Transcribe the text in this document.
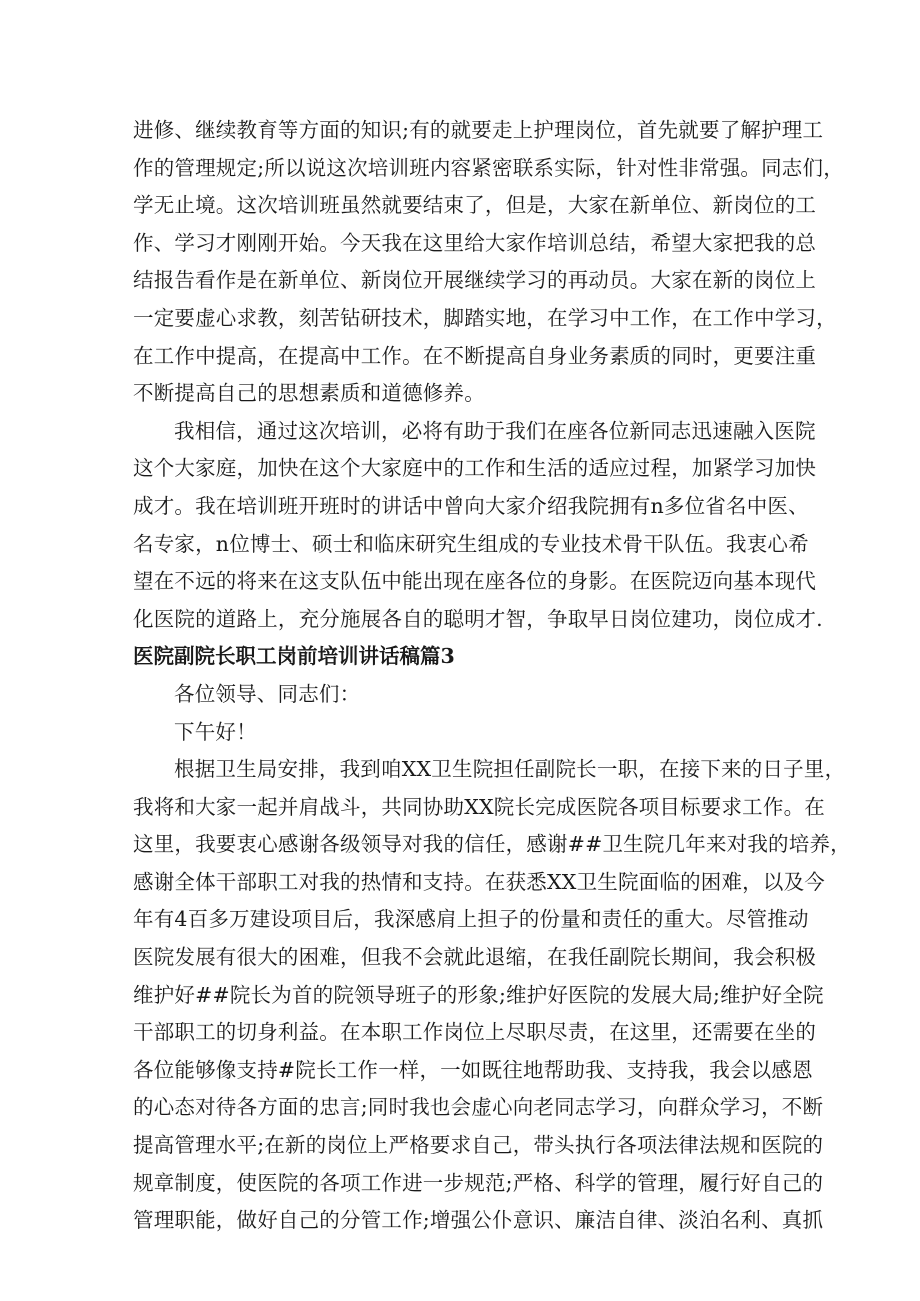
进修、继续教育等方面的知识;有的就要走上护理岗位，首先就要了解护理工
作的管理规定;所以说这次培训班内容紧密联系实际，针对性非常强。同志们，
学无止境。这次培训班虽然就要结束了，但是，大家在新单位、新岗位的工
作、学习才刚刚开始。今天我在这里给大家作培训总结，希望大家把我的总
结报告看作是在新单位、新岗位开展继续学习的再动员。大家在新的岗位上
一定要虚心求教，刻苦钻研技术，脚踏实地，在学习中工作，在工作中学习，
在工作中提高，在提高中工作。在不断提高自身业务素质的同时，更要注重
不断提高自己的思想素质和道德修养。
我相信，通过这次培训，必将有助于我们在座各位新同志迅速融入医院
这个大家庭，加快在这个大家庭中的工作和生活的适应过程，加紧学习加快
成才。我在培训班开班时的讲话中曾向大家介绍我院拥有n多位省名中医、
名专家，n位博士、硕士和临床研究生组成的专业技术骨干队伍。我衷心希
望在不远的将来在这支队伍中能出现在座各位的身影。在医院迈向基本现代
化医院的道路上，充分施展各自的聪明才智，争取早日岗位建功，岗位成才.
医院副院长职工岗前培训讲话稿篇3
各位领导、同志们：
下午好！
根据卫生局安排，我到咱XX卫生院担任副院长一职，在接下来的日子里，
我将和大家一起并肩战斗，共同协助XX院长完成医院各项目标要求工作。在
这里，我要衷心感谢各级领导对我的信任，感谢##卫生院几年来对我的培养，
感谢全体干部职工对我的热情和支持。在获悉XX卫生院面临的困难，以及今
年有4百多万建设项目后，我深感肩上担子的份量和责任的重大。尽管推动
医院发展有很大的困难，但我不会就此退缩，在我任副院长期间，我会积极
维护好##院长为首的院领导班子的形象;维护好医院的发展大局;维护好全院
干部职工的切身利益。在本职工作岗位上尽职尽责，在这里，还需要在坐的
各位能够像支持#院长工作一样，一如既往地帮助我、支持我，我会以感恩
的心态对待各方面的忠言;同时我也会虚心向老同志学习，向群众学习，不断
提高管理水平;在新的岗位上严格要求自己，带头执行各项法律法规和医院的
规章制度，使医院的各项工作进一步规范;严格、科学的管理，履行好自己的
管理职能，做好自己的分管工作;增强公仆意识、廉洁自律、淡泊名利、真抓
